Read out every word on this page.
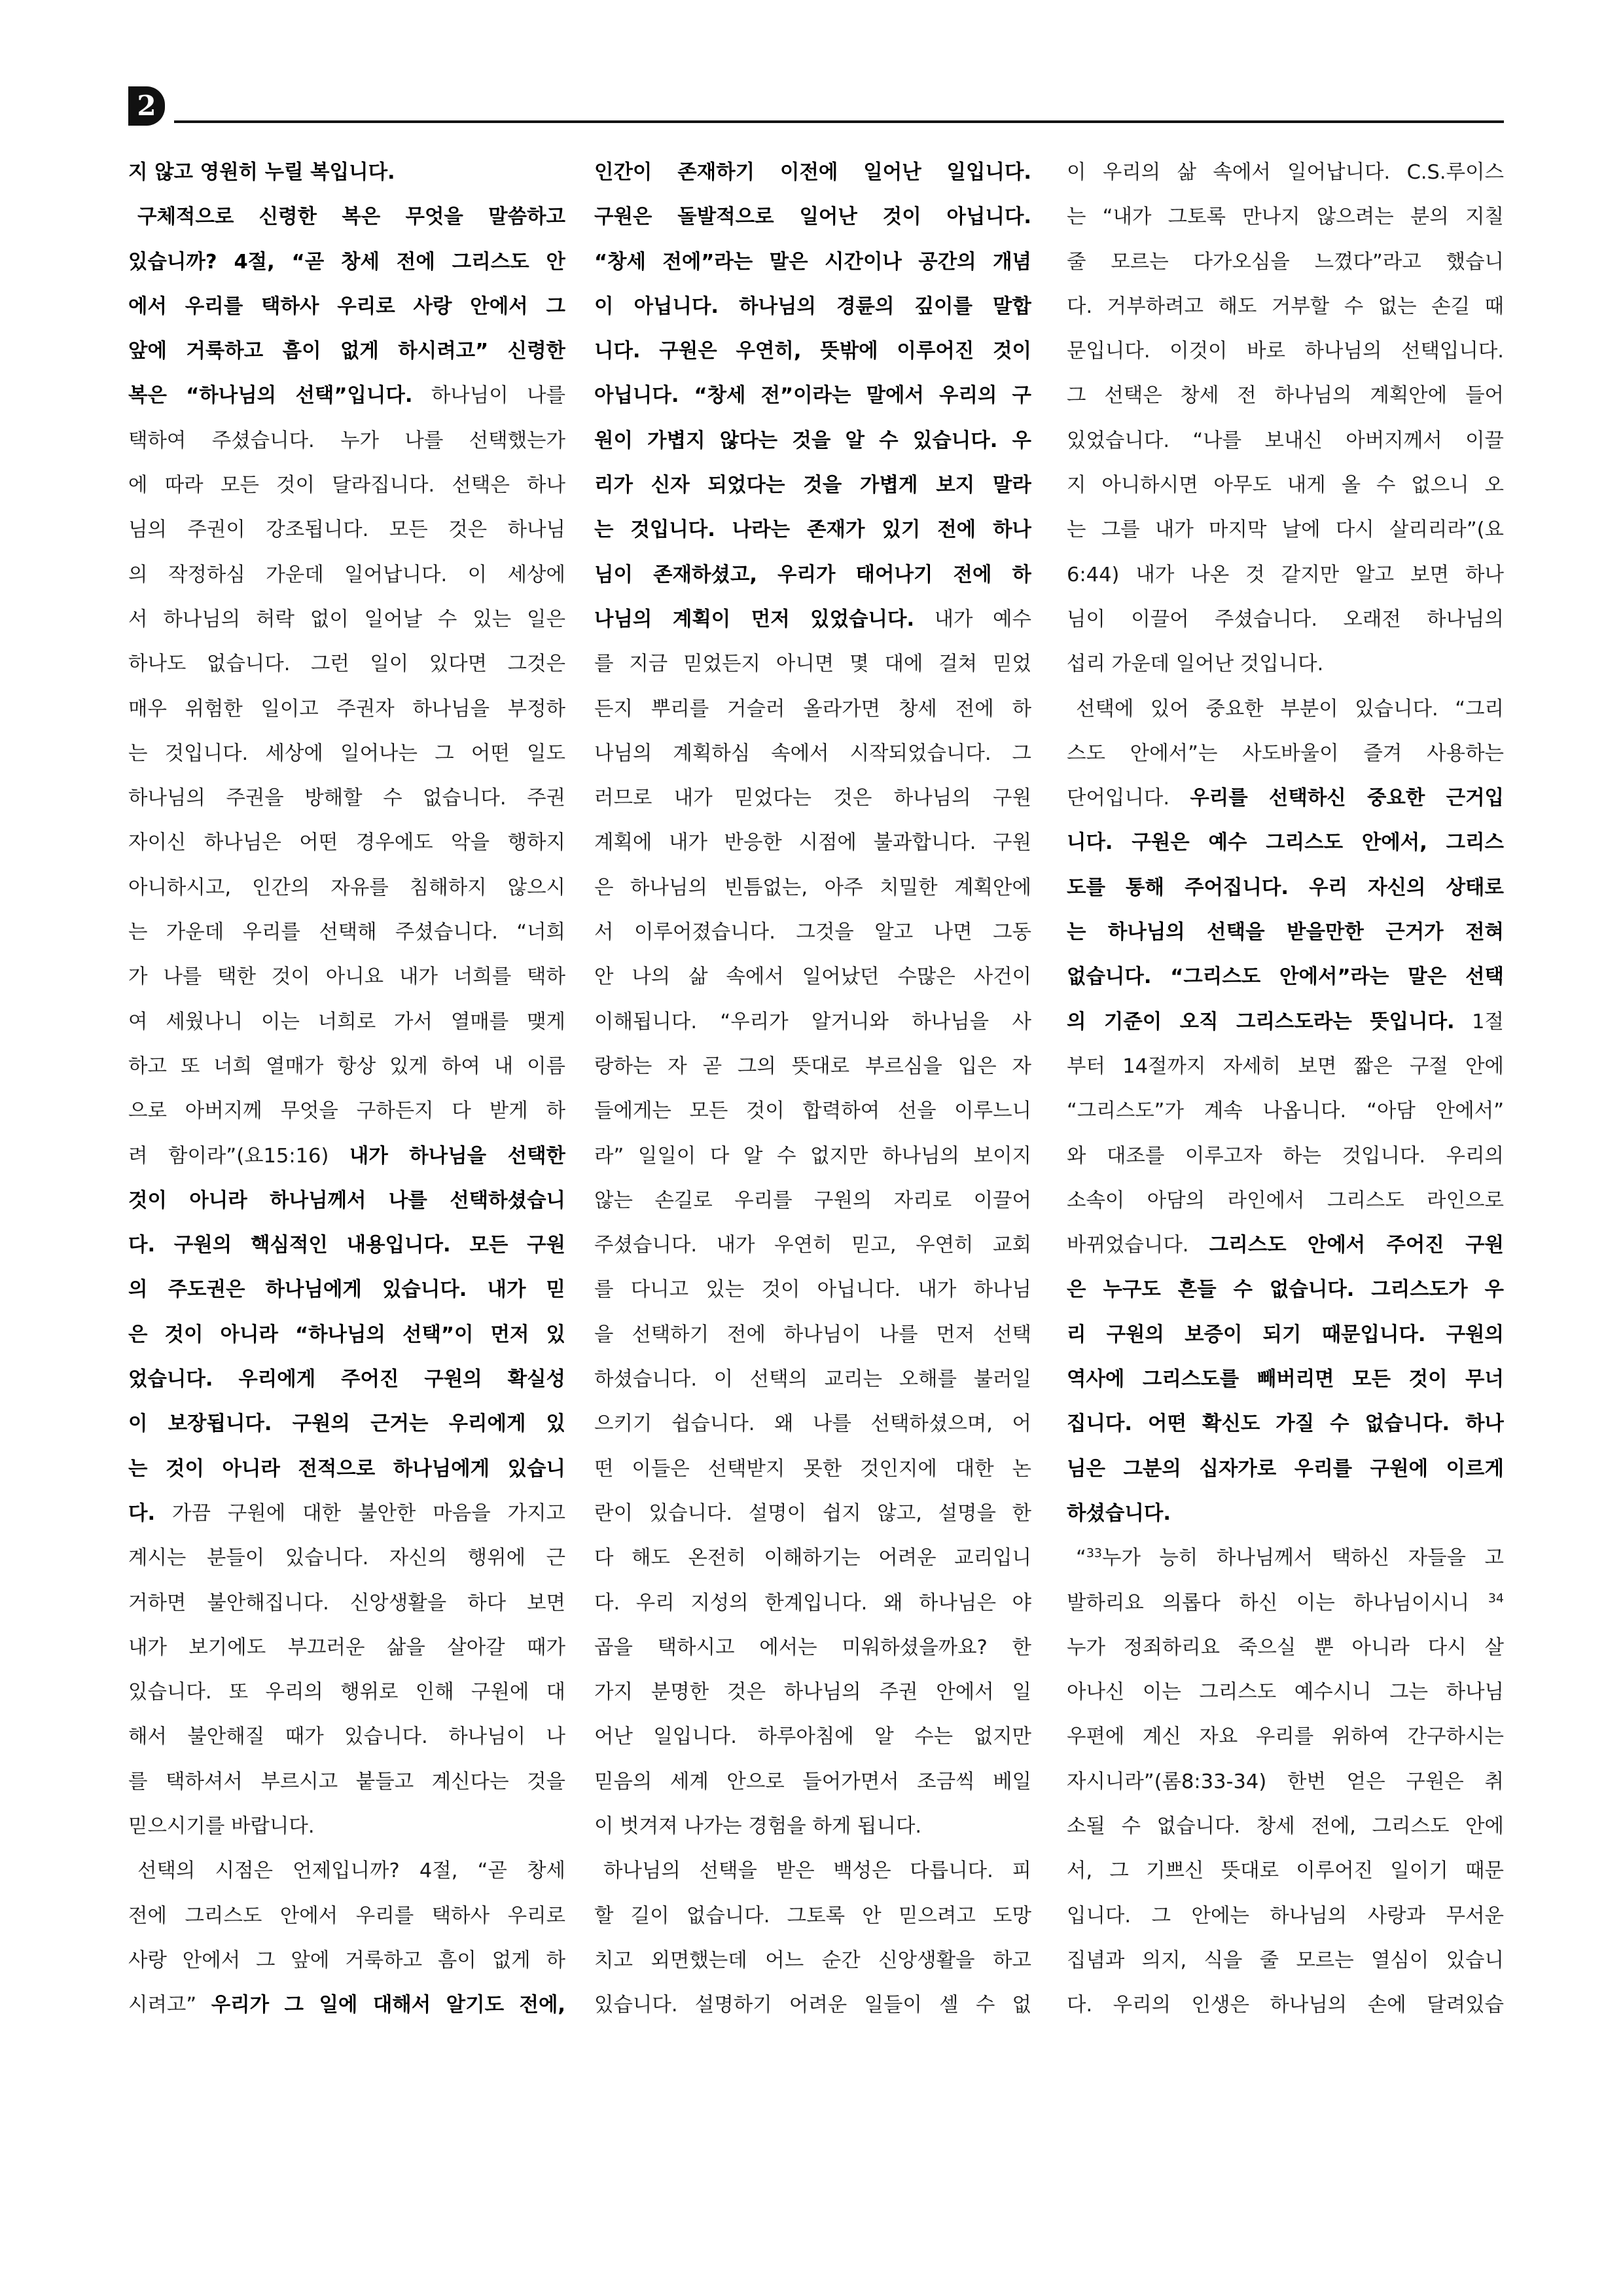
2

지 않고 영원히 누릴 복입니다.

구체적으로 신령한 복은 무엇을 말씀하고

있습니까? 4절, “곧 창세 전에 그리스도 안

에서 우리를 택하사 우리로 사랑 안에서 그

앞에 거룩하고 흠이 없게 하시려고” 신령한

복은 “하나님의 선택”입니다. 하나님이 나를

택하여 주셨습니다. 누가 나를 선택했는가

에 따라 모든 것이 달라집니다. 선택은 하나

님의 주권이 강조됩니다. 모든 것은 하나님

의 작정하심 가운데 일어납니다. 이 세상에

서 하나님의 허락 없이 일어날 수 있는 일은

하나도 없습니다. 그런 일이 있다면 그것은

매우 위험한 일이고 주권자 하나님을 부정하

는 것입니다. 세상에 일어나는 그 어떤 일도

하나님의 주권을 방해할 수 없습니다. 주권

자이신 하나님은 어떤 경우에도 악을 행하지

아니하시고, 인간의 자유를 침해하지 않으시

는 가운데 우리를 선택해 주셨습니다. “너희

가 나를 택한 것이 아니요 내가 너희를 택하

여 세웠나니 이는 너희로 가서 열매를 맺게

하고 또 너희 열매가 항상 있게 하여 내 이름

으로 아버지께 무엇을 구하든지 다 받게 하

려 함이라”(요15:16) 내가 하나님을 선택한

것이 아니라 하나님께서 나를 선택하셨습니

다. 구원의 핵심적인 내용입니다. 모든 구원

의 주도권은 하나님에게 있습니다. 내가 믿

은 것이 아니라 “하나님의 선택”이 먼저 있

었습니다. 우리에게 주어진 구원의 확실성

이 보장됩니다. 구원의 근거는 우리에게 있

는 것이 아니라 전적으로 하나님에게 있습니

다. 가끔 구원에 대한 불안한 마음을 가지고

계시는 분들이 있습니다. 자신의 행위에 근

거하면 불안해집니다. 신앙생활을 하다 보면

내가 보기에도 부끄러운 삶을 살아갈 때가

있습니다. 또 우리의 행위로 인해 구원에 대

해서 불안해질 때가 있습니다. 하나님이 나

를 택하셔서 부르시고 붙들고 계신다는 것을

믿으시기를 바랍니다.

선택의 시점은 언제입니까? 4절, “곧 창세

전에 그리스도 안에서 우리를 택하사 우리로

사랑 안에서 그 앞에 거룩하고 흠이 없게 하

시려고” 우리가 그 일에 대해서 알기도 전에,

인간이 존재하기 이전에 일어난 일입니다.

구원은 돌발적으로 일어난 것이 아닙니다.

“창세 전에”라는 말은 시간이나 공간의 개념

이 아닙니다. 하나님의 경륜의 깊이를 말합

니다. 구원은 우연히, 뜻밖에 이루어진 것이

아닙니다. “창세 전”이라는 말에서 우리의 구

원이 가볍지 않다는 것을 알 수 있습니다. 우

리가 신자 되었다는 것을 가볍게 보지 말라

는 것입니다. 나라는 존재가 있기 전에 하나

님이 존재하셨고, 우리가 태어나기 전에 하

나님의 계획이 먼저 있었습니다. 내가 예수

를 지금 믿었든지 아니면 몇 대에 걸쳐 믿었

든지 뿌리를 거슬러 올라가면 창세 전에 하

나님의 계획하심 속에서 시작되었습니다. 그

러므로 내가 믿었다는 것은 하나님의 구원

계획에 내가 반응한 시점에 불과합니다. 구원

은 하나님의 빈틈없는, 아주 치밀한 계획안에

서 이루어졌습니다. 그것을 알고 나면 그동

안 나의 삶 속에서 일어났던 수많은 사건이

이해됩니다. “우리가 알거니와 하나님을 사

랑하는 자 곧 그의 뜻대로 부르심을 입은 자

들에게는 모든 것이 합력하여 선을 이루느니

라” 일일이 다 알 수 없지만 하나님의 보이지

않는 손길로 우리를 구원의 자리로 이끌어

주셨습니다. 내가 우연히 믿고, 우연히 교회

를 다니고 있는 것이 아닙니다. 내가 하나님

을 선택하기 전에 하나님이 나를 먼저 선택

하셨습니다. 이 선택의 교리는 오해를 불러일

으키기 쉽습니다. 왜 나를 선택하셨으며, 어

떤 이들은 선택받지 못한 것인지에 대한 논

란이 있습니다. 설명이 쉽지 않고, 설명을 한

다 해도 온전히 이해하기는 어려운 교리입니

다. 우리 지성의 한계입니다. 왜 하나님은 야

곱을 택하시고 에서는 미워하셨을까요? 한

가지 분명한 것은 하나님의 주권 안에서 일

어난 일입니다. 하루아침에 알 수는 없지만

믿음의 세계 안으로 들어가면서 조금씩 베일

이 벗겨져 나가는 경험을 하게 됩니다.

하나님의 선택을 받은 백성은 다릅니다. 피

할 길이 없습니다. 그토록 안 믿으려고 도망

치고 외면했는데 어느 순간 신앙생활을 하고

있습니다. 설명하기 어려운 일들이 셀 수 없

이 우리의 삶 속에서 일어납니다. C.S.루이스

는 “내가 그토록 만나지 않으려는 분의 지칠

줄 모르는 다가오심을 느꼈다”라고 했습니

다. 거부하려고 해도 거부할 수 없는 손길 때

문입니다. 이것이 바로 하나님의 선택입니다.

그 선택은 창세 전 하나님의 계획안에 들어

있었습니다. “나를 보내신 아버지께서 이끌

지 아니하시면 아무도 내게 올 수 없으니 오

는 그를 내가 마지막 날에 다시 살리리라”(요

6:44) 내가 나온 것 같지만 알고 보면 하나

님이 이끌어 주셨습니다. 오래전 하나님의

섭리 가운데 일어난 것입니다.

선택에 있어 중요한 부분이 있습니다. “그리

스도 안에서”는 사도바울이 즐겨 사용하는

단어입니다. 우리를 선택하신 중요한 근거입

니다. 구원은 예수 그리스도 안에서, 그리스

도를 통해 주어집니다. 우리 자신의 상태로

는 하나님의 선택을 받을만한 근거가 전혀

없습니다. “그리스도 안에서”라는 말은 선택

의 기준이 오직 그리스도라는 뜻입니다. 1절

부터 14절까지 자세히 보면 짧은 구절 안에

“그리스도”가 계속 나옵니다. “아담 안에서”

와 대조를 이루고자 하는 것입니다. 우리의

소속이 아담의 라인에서 그리스도 라인으로

바뀌었습니다. 그리스도 안에서 주어진 구원

은 누구도 흔들 수 없습니다. 그리스도가 우

리 구원의 보증이 되기 때문입니다. 구원의

역사에 그리스도를 빼버리면 모든 것이 무너

집니다. 어떤 확신도 가질 수 없습니다. 하나

님은 그분의 십자가로 우리를 구원에 이르게

하셨습니다.

“$^{33}$누가 능히 하나님께서 택하신 자들을 고

발하리요 의롭다 하신 이는 하나님이시니 $^{34}$

누가 정죄하리요 죽으실 뿐 아니라 다시 살

아나신 이는 그리스도 예수시니 그는 하나님

우편에 계신 자요 우리를 위하여 간구하시는

자시니라”(롬8:33-34) 한번 얻은 구원은 취

소될 수 없습니다. 창세 전에, 그리스도 안에

서, 그 기쁘신 뜻대로 이루어진 일이기 때문

입니다. 그 안에는 하나님의 사랑과 무서운

집념과 의지, 식을 줄 모르는 열심이 있습니

다. 우리의 인생은 하나님의 손에 달려있습
